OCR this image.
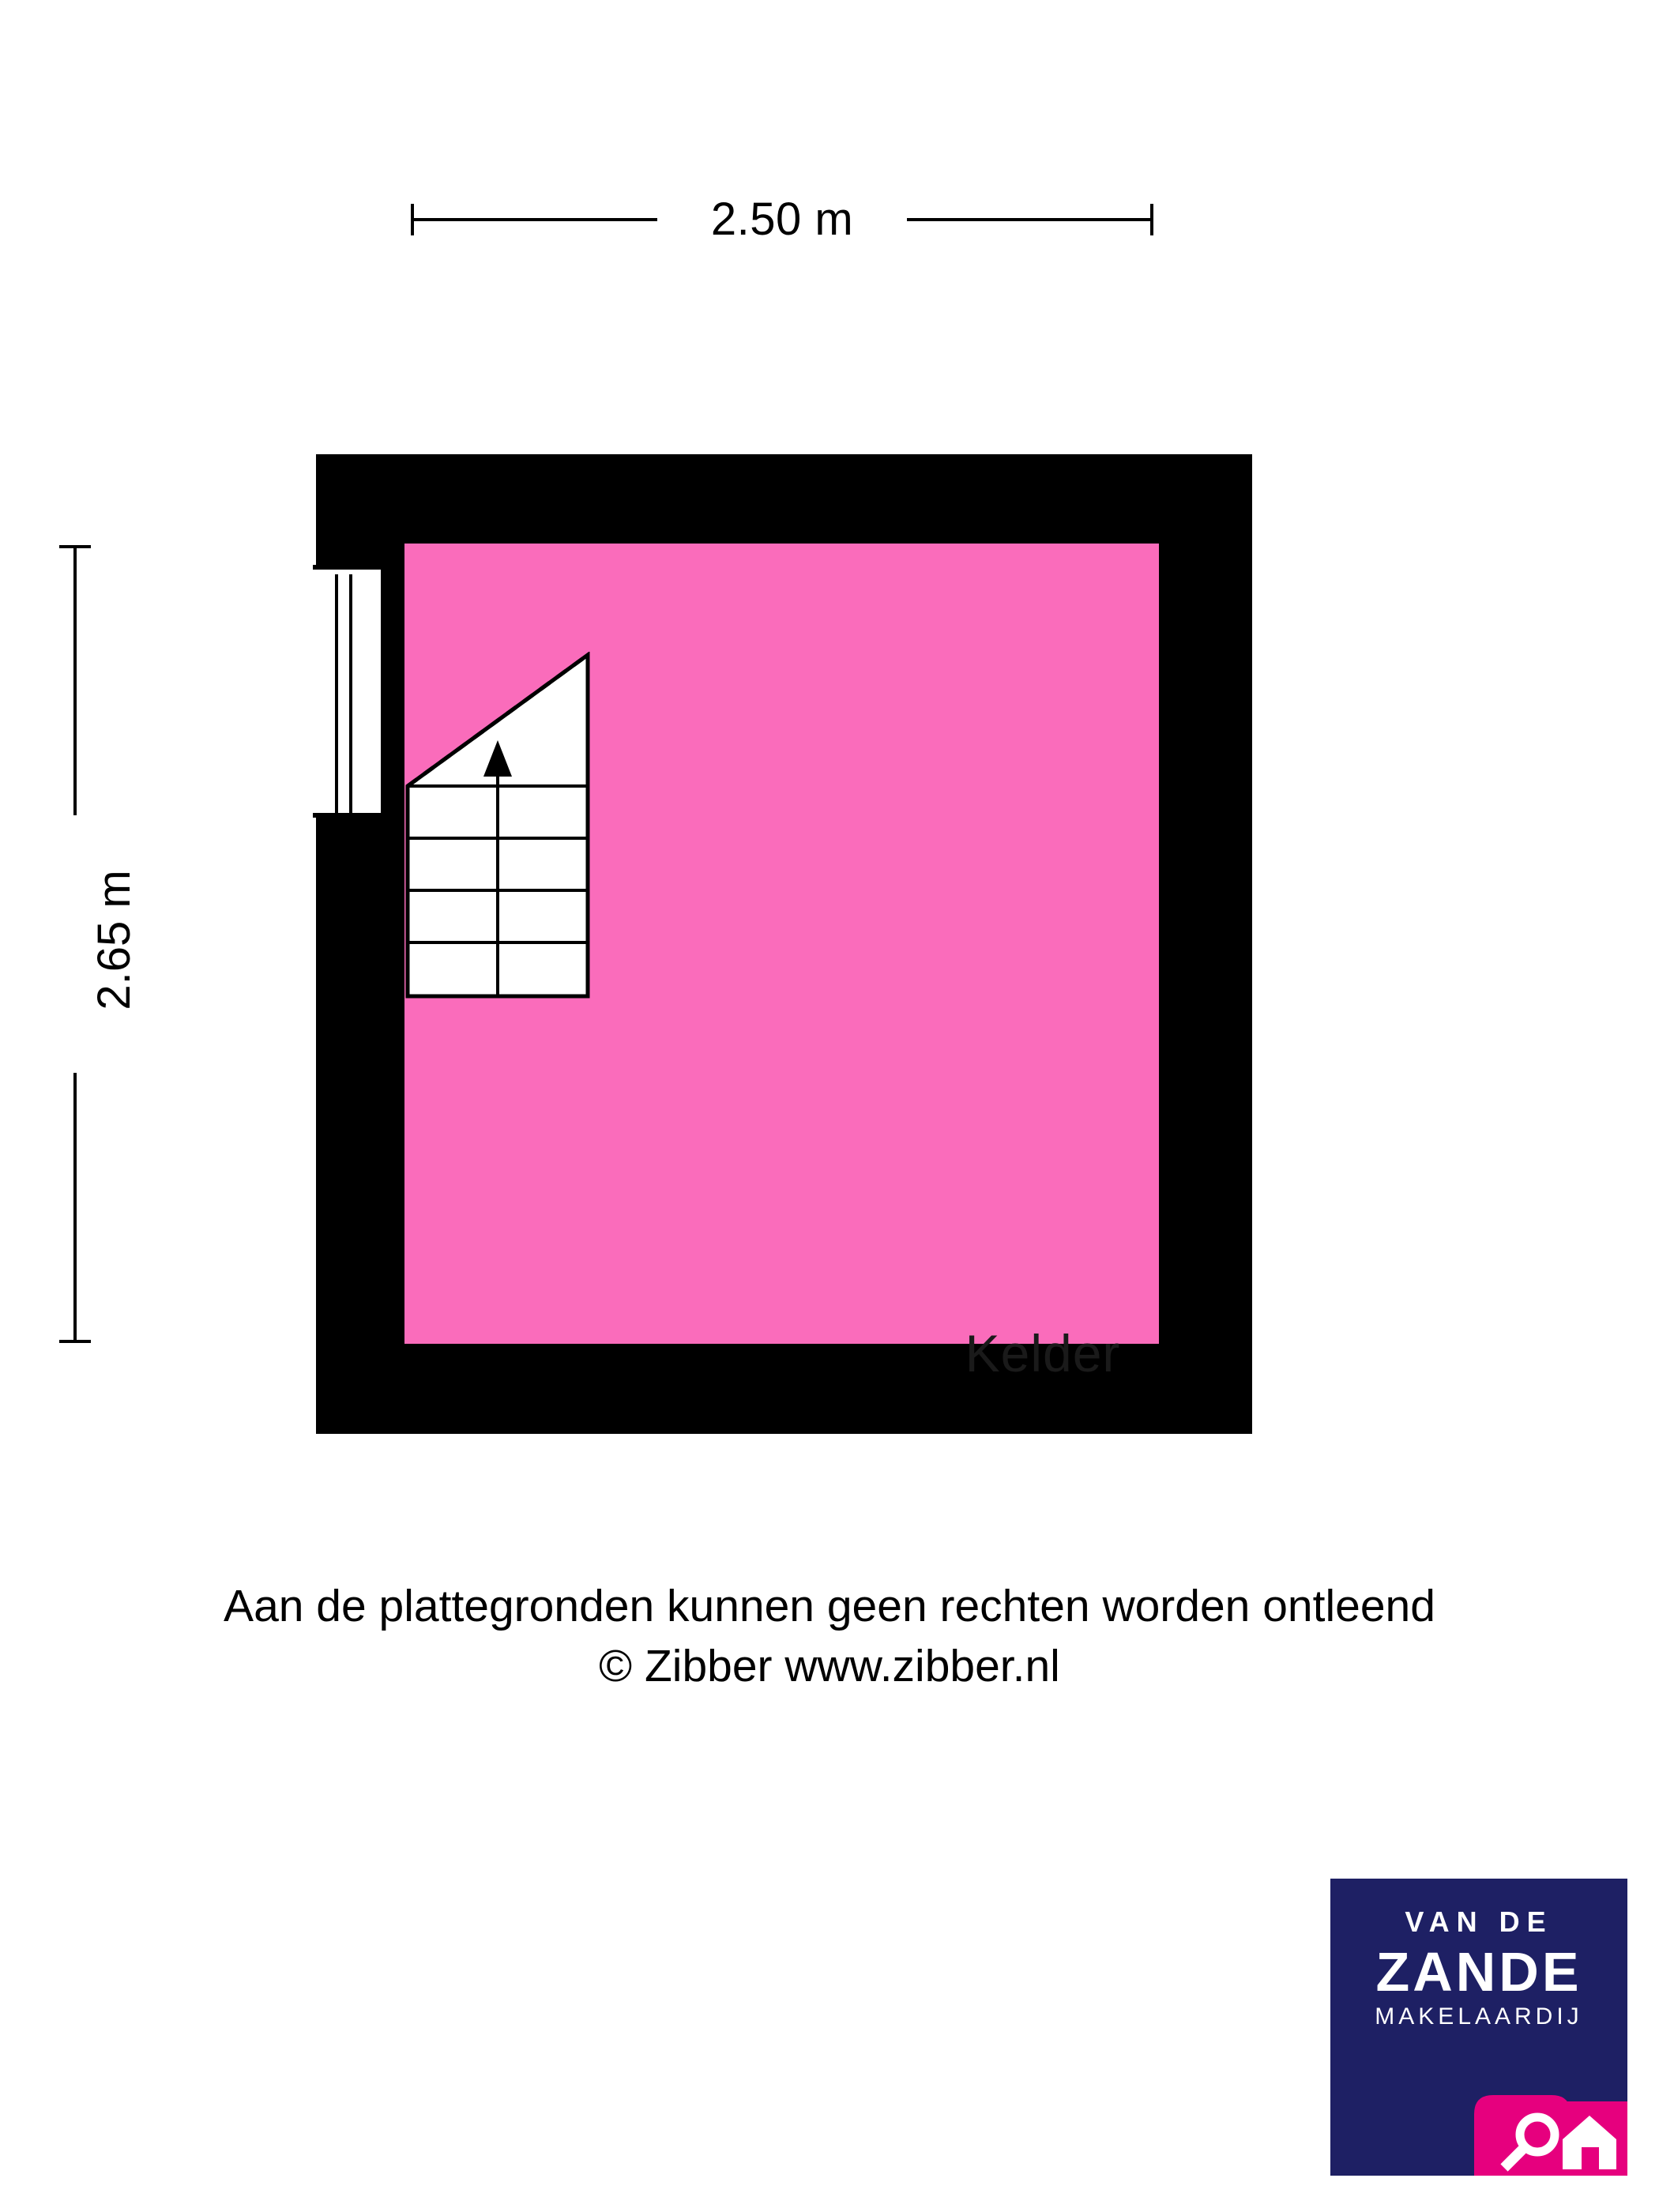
2.50 m
2.65 m
Kelder
Aan de plattegronden kunnen geen rechten worden ontleend
© Zibber www.zibber.nl
VAN DE
ZANDE
MAKELAARDIJ
